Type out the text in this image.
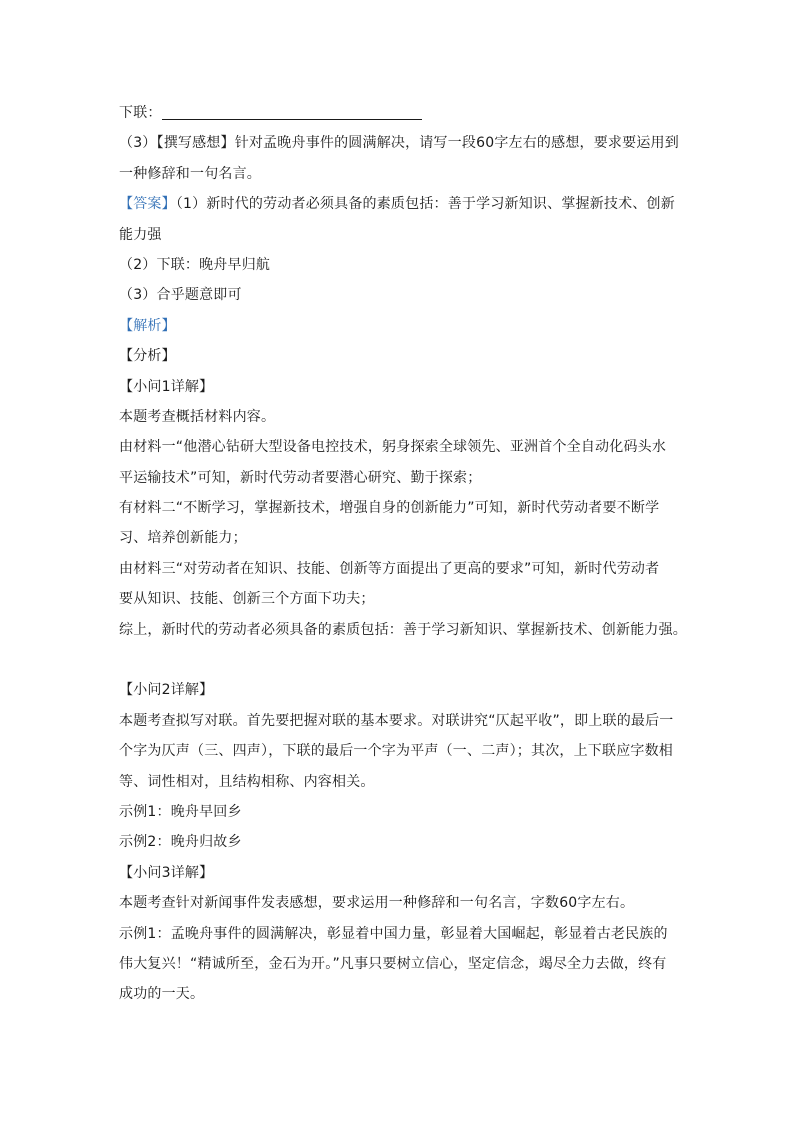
下联：
（3）【撰写感想】针对孟晚舟事件的圆满解决，请写一段60字左右的感想，要求要运用到
一种修辞和一句名言。
【答案】（1）新时代的劳动者必须具备的素质包括：善于学习新知识、掌握新技术、创新
能力强
（2）下联：晚舟早归航
（3）合乎题意即可
【解析】
【分析】
【小问1详解】
本题考查概括材料内容。
由材料一“他潜心钻研大型设备电控技术，躬身探索全球领先、亚洲首个全自动化码头水
平运输技术”可知，新时代劳动者要潜心研究、勤于探索；
有材料二“不断学习，掌握新技术，增强自身的创新能力”可知，新时代劳动者要不断学
习、培养创新能力；
由材料三“对劳动者在知识、技能、创新等方面提出了更高的要求”可知，新时代劳动者
要从知识、技能、创新三个方面下功夫；
综上，新时代的劳动者必须具备的素质包括：善于学习新知识、掌握新技术、创新能力强。
【小问2详解】
本题考查拟写对联。首先要把握对联的基本要求。对联讲究“仄起平收”，即上联的最后一
个字为仄声（三、四声），下联的最后一个字为平声（一、二声）；其次，上下联应字数相
等、词性相对，且结构相称、内容相关。
示例1：晚舟早回乡
示例2：晚舟归故乡
【小问3详解】
本题考查针对新闻事件发表感想，要求运用一种修辞和一句名言，字数60字左右。
示例1：孟晚舟事件的圆满解决，彰显着中国力量，彰显着大国崛起，彰显着古老民族的
伟大复兴！“精诚所至，金石为开。”凡事只要树立信心，坚定信念，竭尽全力去做，终有
成功的一天。
